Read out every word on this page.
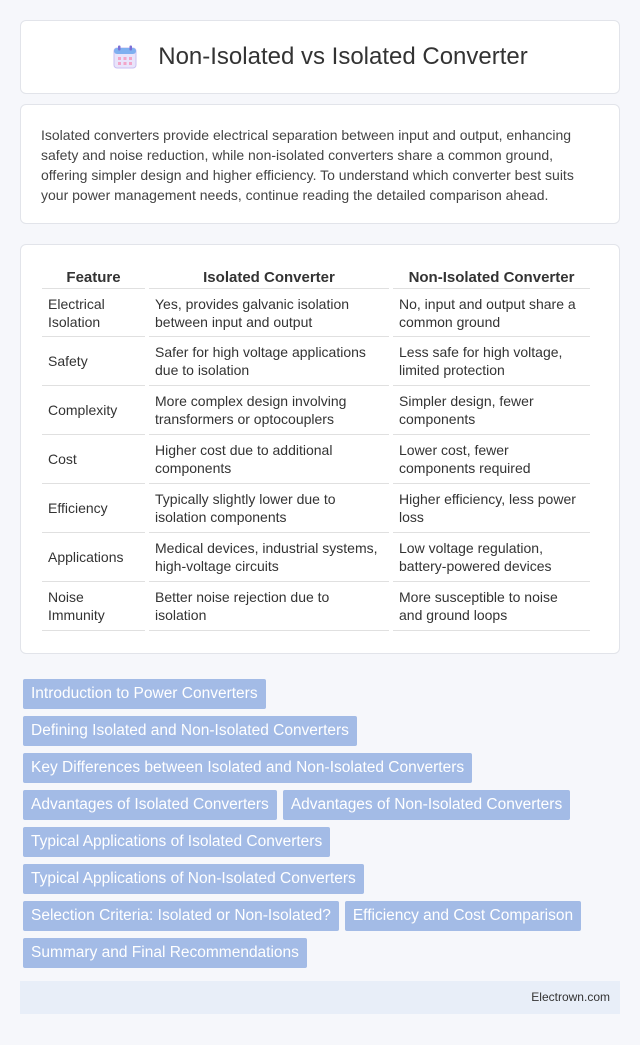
Non-Isolated vs Isolated Converter

Isolated converters provide electrical separation between input and output, enhancing safety and noise reduction, while non-isolated converters share a common ground, offering simpler design and higher efficiency. To understand which converter best suits your power management needs, continue reading the detailed comparison ahead.

Feature	Isolated Converter	Non-Isolated Converter
Electrical Isolation	Yes, provides galvanic isolation between input and output	No, input and output share a common ground
Safety	Safer for high voltage applications due to isolation	Less safe for high voltage, limited protection
Complexity	More complex design involving transformers or optocouplers	Simpler design, fewer components
Cost	Higher cost due to additional components	Lower cost, fewer components required
Efficiency	Typically slightly lower due to isolation components	Higher efficiency, less power loss
Applications	Medical devices, industrial systems, high-voltage circuits	Low voltage regulation, battery-powered devices
Noise Immunity	Better noise rejection due to isolation	More susceptible to noise and ground loops
Introduction to Power Converters
Defining Isolated and Non-Isolated Converters
Key Differences between Isolated and Non-Isolated Converters
Advantages of Isolated Converters Advantages of Non-Isolated Converters
Typical Applications of Isolated Converters
Typical Applications of Non-Isolated Converters
Selection Criteria: Isolated or Non-Isolated? Efficiency and Cost Comparison
Summary and Final Recommendations
Electrown.com
